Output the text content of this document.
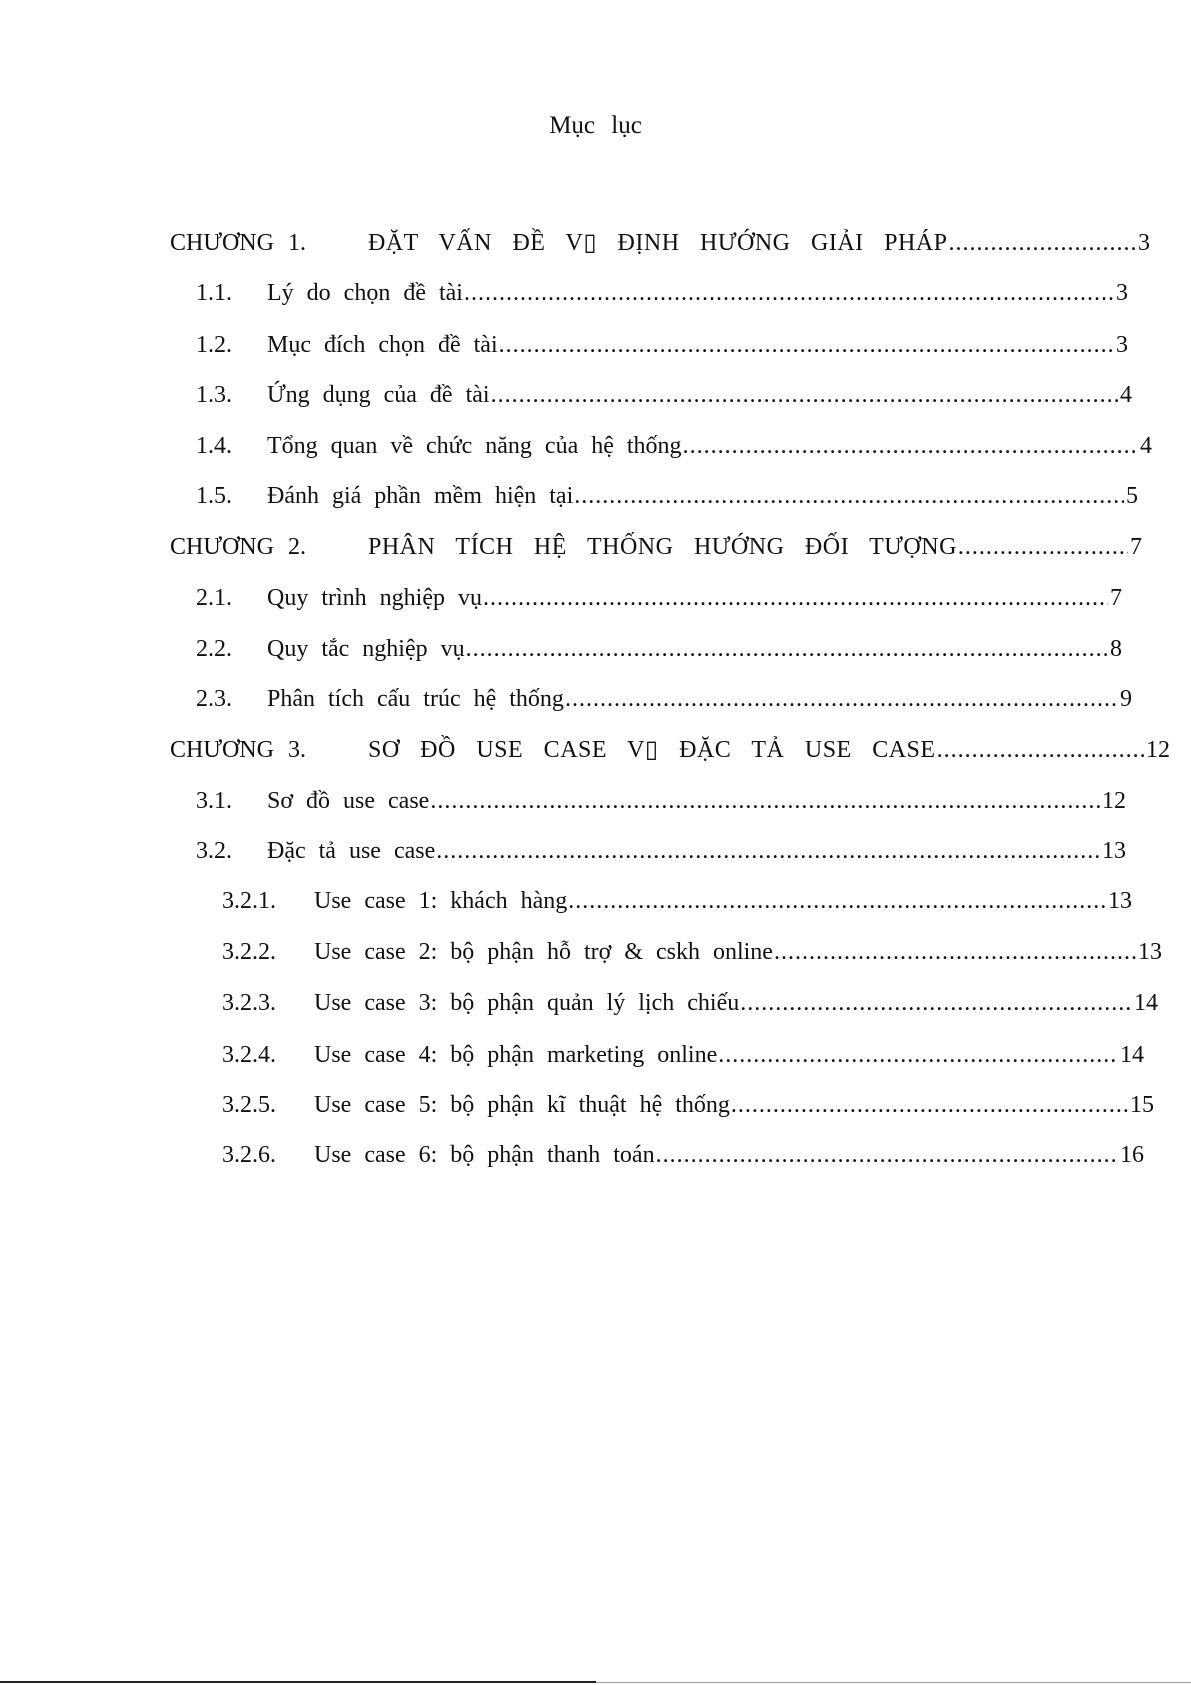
Mục lục
CHƯƠNG 1.	ĐẶT VẤN ĐỀ V▯ ĐỊNH HƯỚNG GIẢI PHÁP .....	3
1.1.	Lý do chọn đề tài .....	3
1.2.	Mục đích chọn đề tài .....	3
1.3.	Ứng dụng của đề tài .....	4
1.4.	Tổng quan về chức năng của hệ thống .....	4
1.5.	Đánh giá phần mềm hiện tại .....	5
CHƯƠNG 2.	PHÂN TÍCH HỆ THỐNG HƯỚNG ĐỐI TƯỢNG .....	7
2.1.	Quy trình nghiệp vụ .....	7
2.2.	Quy tắc nghiệp vụ .....	8
2.3.	Phân tích cấu trúc hệ thống .....	9
CHƯƠNG 3.	SƠ ĐỒ USE CASE V▯ ĐẶC TẢ USE CASE .....	12
3.1.	Sơ đồ use case .....	12
3.2.	Đặc tả use case .....	13
3.2.1.	Use case 1: khách hàng .....	13
3.2.2.	Use case 2: bộ phận hỗ trợ & cskh online .....	13
3.2.3.	Use case 3: bộ phận quản lý lịch chiếu .....	14
3.2.4.	Use case 4: bộ phận marketing online .....	14
3.2.5.	Use case 5: bộ phận kĩ thuật hệ thống .....	15
3.2.6.	Use case 6: bộ phận thanh toán .....	16
